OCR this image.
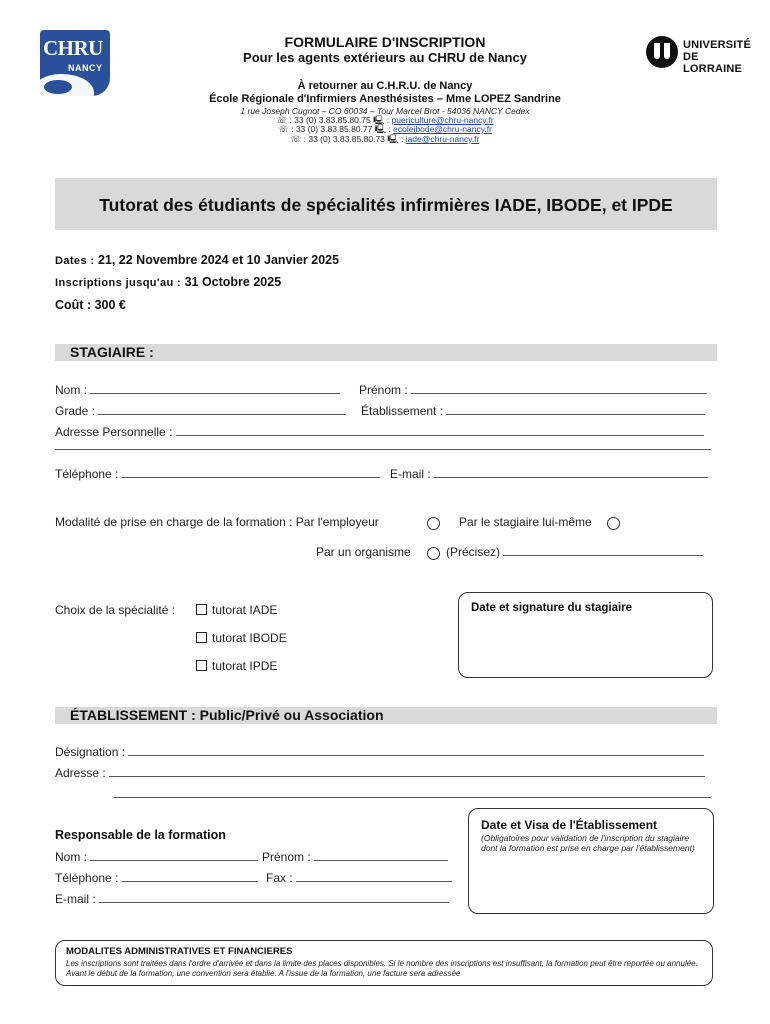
CHRU
NANCY
UNIVERSITÉ
DE LORRAINE
FORMULAIRE D'INSCRIPTION
Pour les agents extérieurs au CHRU de Nancy
À retourner au C.H.R.U. de Nancy
École Régionale d'Infirmiers Anesthésistes – Mme LOPEZ Sandrine
1 rue Joseph Cugnot – CO 60034 – Tour Marcel Brot - 54036 NANCY Cedex
☏ : 33 (0) 3.83.85.80.75 🖳 : puericulture@chru-nancy.fr
☏ : 33 (0) 3.83.85.80.77 🖳 : ecoleibode@chru-nancy.fr
☏ : 33 (0) 3.83.85.80.73 🖳 : iade@chru-nancy.fr
Tutorat des étudiants de spécialités infirmières IADE, IBODE, et IPDE
Dates : 21, 22 Novembre 2024 et 10 Janvier 2025
Inscriptions jusqu'au : 31 Octobre 2025
Coût : 300 €
STAGIAIRE :
Nom :	Prénom :
Grade :	Établissement :
Adresse Personnelle :
Téléphone :	E-mail :
Modalité de prise en charge de la formation : Par l'employeur	Par le stagiaire lui-même
Par un organisme	(Précisez)
Choix de la spécialité :	tutorat IADE
tutorat IBODE
tutorat IPDE
Date et signature du stagiaire
ÉTABLISSEMENT : Public/Privé ou Association
Désignation :
Adresse :
Responsable de la formation
Nom :	Prénom :
Téléphone :	Fax :
E-mail :
Date et Visa de l'Établissement
(Obligatoires pour validation de l'inscription du stagiaire dont la formation est prise en charge par l'établissement)
MODALITES ADMINISTRATIVES ET FINANCIERES
Les inscriptions sont traitées dans l'ordre d'arrivée et dans la limite des places disponibles. Si le nombre des inscriptions est insuffisant, la formation peut être reportée ou annulée. Avant le début de la formation, une convention sera établie. A l'issue de la formation, une facture sera adressée
